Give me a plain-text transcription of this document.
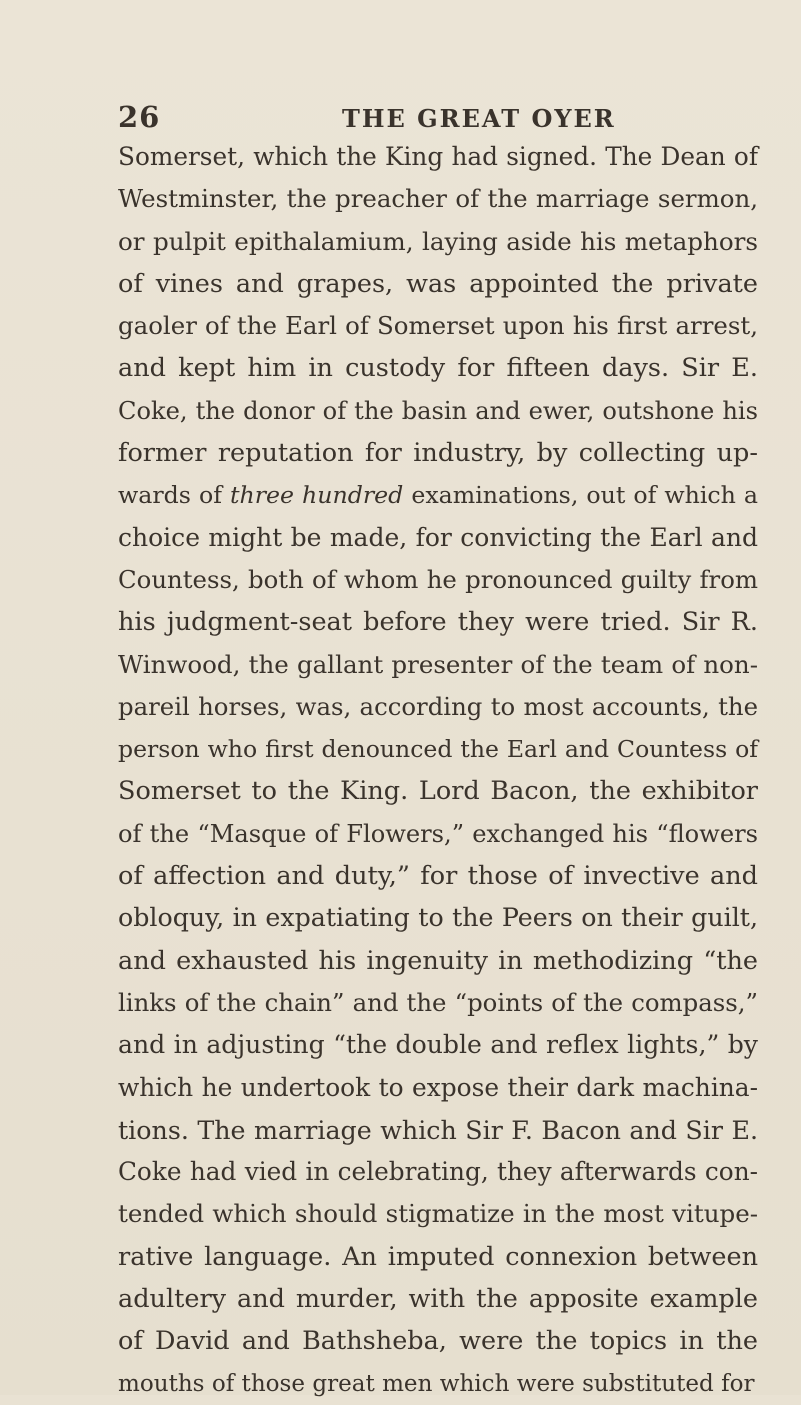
26	THE GREAT OYER
Somerset, which the King had signed. The Dean of
Westminster, the preacher of the marriage sermon,
or pulpit epithalamium, laying aside his metaphors
of vines and grapes, was appointed the private
gaoler of the Earl of Somerset upon his first arrest,
and kept him in custody for fifteen days. Sir E.
Coke, the donor of the basin and ewer, outshone his
former reputation for industry, by collecting up-
wards of three hundred examinations, out of which a
choice might be made, for convicting the Earl and
Countess, both of whom he pronounced guilty from
his judgment-seat before they were tried. Sir R.
Winwood, the gallant presenter of the team of non-
pareil horses, was, according to most accounts, the
person who first denounced the Earl and Countess of
Somerset to the King. Lord Bacon, the exhibitor
of the “Masque of Flowers,” exchanged his “flowers
of affection and duty,” for those of invective and
obloquy, in expatiating to the Peers on their guilt,
and exhausted his ingenuity in methodizing “the
links of the chain” and the “points of the compass,”
and in adjusting “the double and reflex lights,” by
which he undertook to expose their dark machina-
tions. The marriage which Sir F. Bacon and Sir E.
Coke had vied in celebrating, they afterwards con-
tended which should stigmatize in the most vitupe-
rative language. An imputed connexion between
adultery and murder, with the apposite example
of David and Bathsheba, were the topics in the
mouths of those great men which were substituted for
